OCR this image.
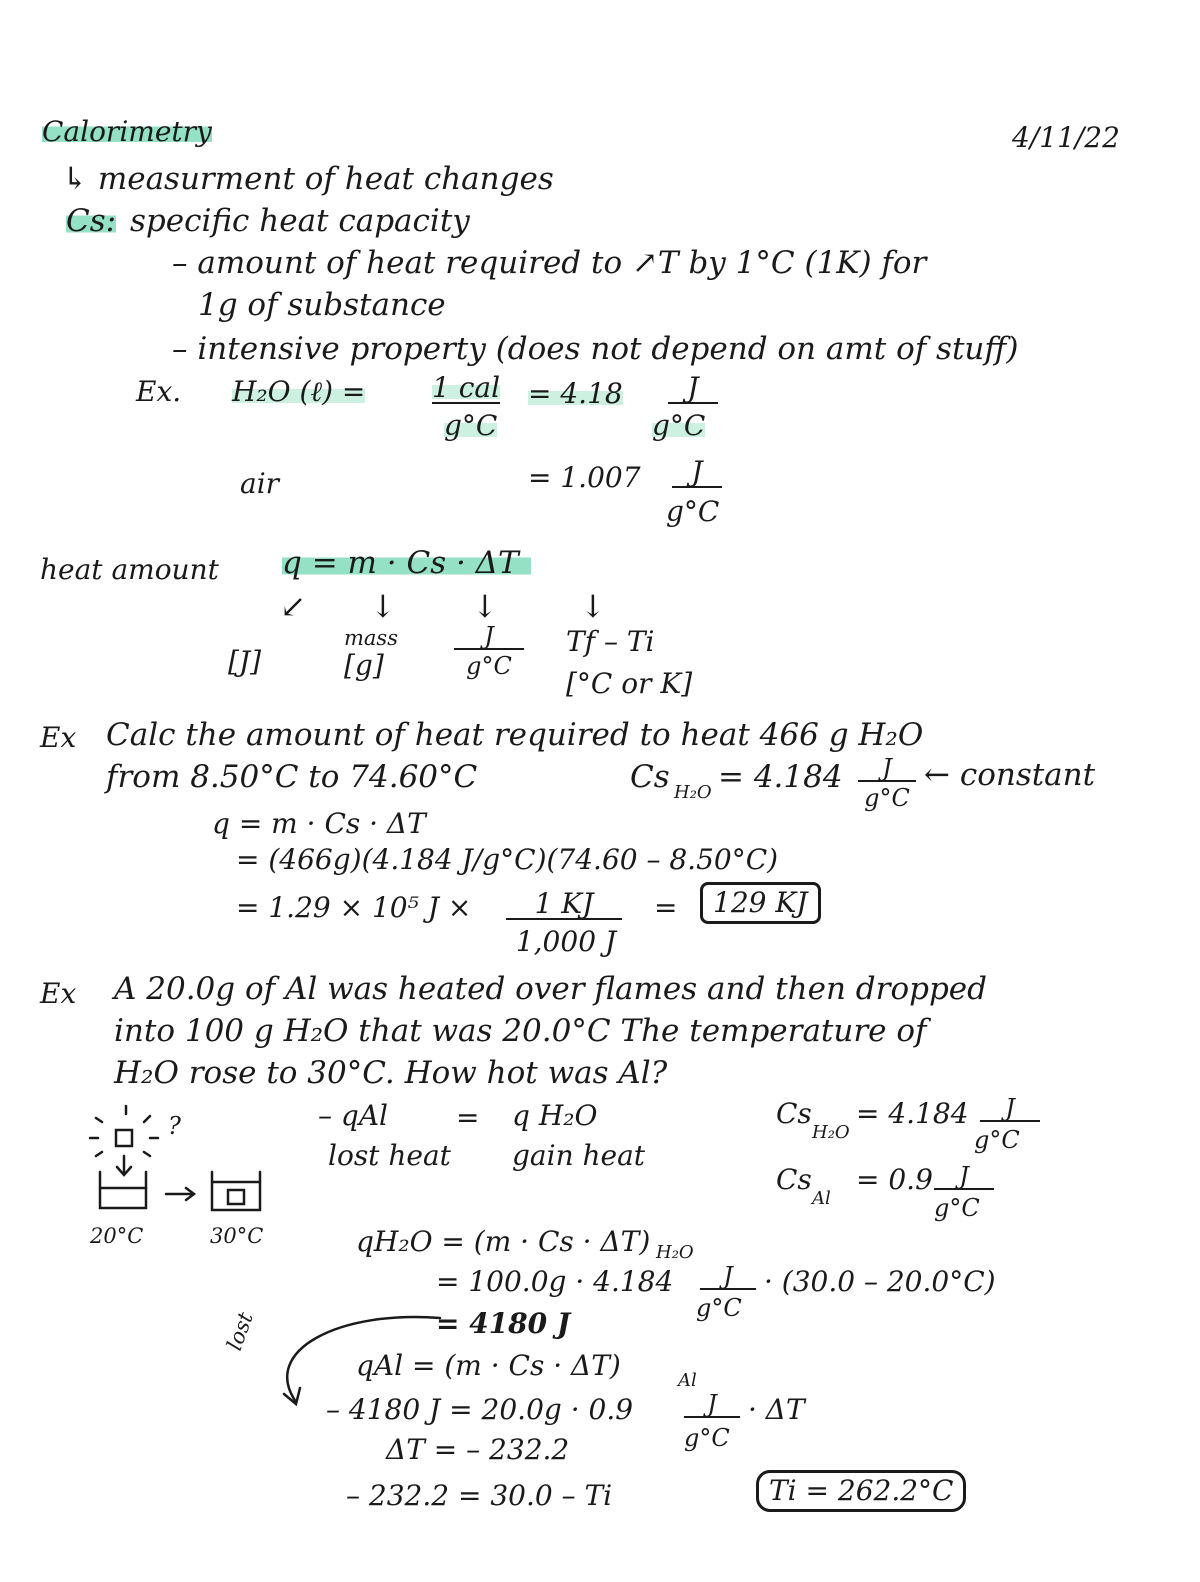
Calorimetry	4/11/22
↳ measurment of heat changes
Cs: specific heat capacity
– amount of heat required to ↗T by 1°C (1K) for
1g of substance
– intensive property (does not depend on amt of stuff)
Ex. H₂O (ℓ) = 1 cal
g°C
= 4.18	J
g°C
air	= 1.007	J
g°C
heat amount q = m · Cs · ΔT
↙ ↓ ↓	↓
[J]
mass
[g]
J
g°C
Tf – Ti
[°C or K]
Ex Calc the amount of heat required to heat 466 g H₂O
from 8.50°C to 74.60°C	Cs H₂O = 4.184	J
g°C
← constant
q = m · Cs · ΔT
= (466g)(4.184 J/g°C)(74.60 – 8.50°C)
= 1.29 × 10⁵ J ×	1 KJ
1,000 J
=	129 KJ
Ex A 20.0g of Al was heated over flames and then dropped
into 100 g H₂O that was 20.0°C The temperature of
H₂O rose to 30°C. How hot was Al?
?
20°C	30°C
– qAl = q H₂O
lost heat gain heat
Cs
H₂O
= 4.184	J
g°C
Cs
Al
= 0.9	J
g°C
qH₂O = (m · Cs · ΔT) H₂O
= 100.0g · 4.184	J
g°C
· (30.0 – 20.0°C)
= 4180 J
lost
qAl = (m · Cs · ΔT)	Al
– 4180 J = 20.0g · 0.9	J
g°C
· ΔT
ΔT = – 232.2
– 232.2 = 30.0 – Ti	Ti = 262.2°C
